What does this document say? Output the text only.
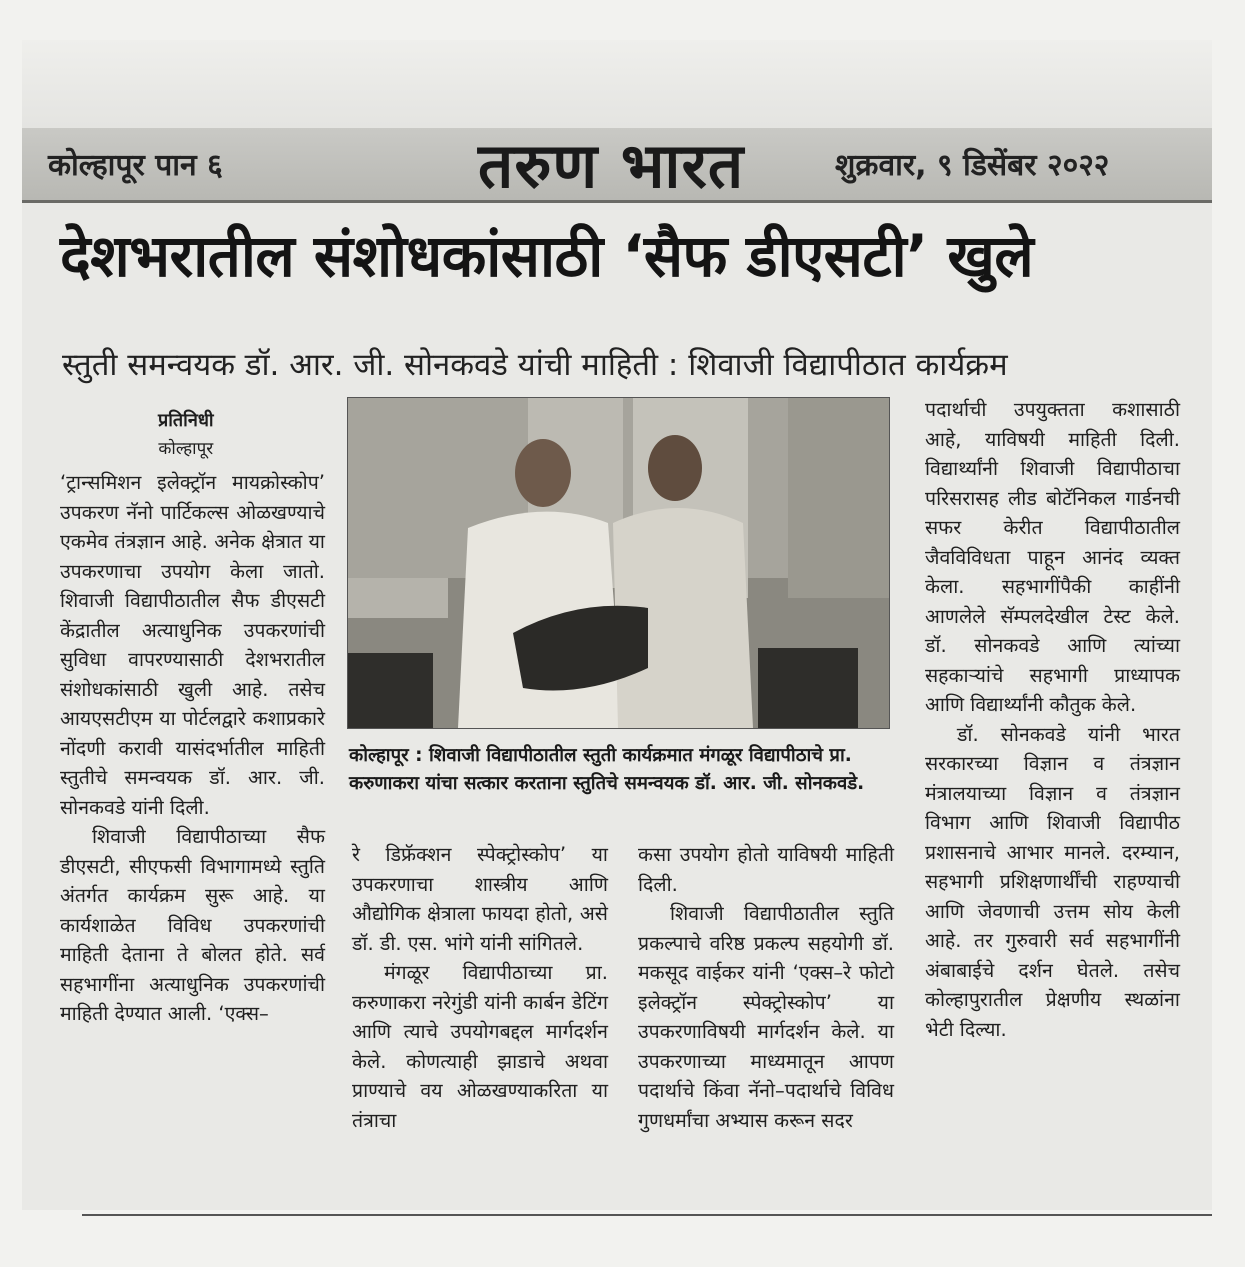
कोल्हापूर पान ६	तरुण भारत	शुक्रवार, ९ डिसेंबर २०२२
देशभरातील संशोधकांसाठी ‘सैफ डीएसटी’ खुले
स्तुती समन्वयक डॉ. आर. जी. सोनकवडे यांची माहिती : शिवाजी विद्यापीठात कार्यक्रम
प्रतिनिधी
कोल्हापूर

‘ट्रान्समिशन इलेक्ट्रॉन मायक्रोस्कोप’ उपकरण नॅनो पार्टिकल्स ओळखण्याचे एकमेव तंत्रज्ञान आहे. अनेक क्षेत्रात या उपकरणाचा उपयोग केला जातो. शिवाजी विद्यापीठातील सैफ डीएसटी केंद्रातील अत्याधुनिक उपकरणांची सुविधा वापरण्यासाठी देशभरातील संशोधकांसाठी खुली आहे. तसेच आयएसटीएम या पोर्टलद्वारे कशाप्रकारे नोंदणी करावी यासंदर्भातील माहिती स्तुतीचे समन्वयक डॉ. आर. जी. सोनकवडे यांनी दिली.

शिवाजी विद्यापीठाच्या सैफ डीएसटी, सीएफसी विभागामध्ये स्तुति अंतर्गत कार्यक्रम सुरू आहे. या कार्यशाळेत विविध उपकरणांची माहिती देताना ते बोलत होते. सर्व सहभागींना अत्याधुनिक उपकरणांची माहिती देण्यात आली. ‘एक्स–

कोल्हापूर : शिवाजी विद्यापीठातील स्तुती कार्यक्रमात मंगळूर विद्यापीठाचे प्रा. करुणाकरा यांचा सत्कार करताना स्तुतिचे समन्वयक डॉ. आर. जी. सोनकवडे.

रे डिफ्रॅक्शन स्पेक्ट्रोस्कोप’ या उपकरणाचा शास्त्रीय आणि औद्योगिक क्षेत्राला फायदा होतो, असे डॉ. डी. एस. भांगे यांनी सांगितले.

मंगळूर विद्यापीठाच्या प्रा. करुणाकरा नरेगुंडी यांनी कार्बन डेटिंग आणि त्याचे उपयोगबद्दल मार्गदर्शन केले. कोणत्याही झाडाचे अथवा प्राण्याचे वय ओळखण्याकरिता या तंत्राचा

कसा उपयोग होतो याविषयी माहिती दिली.

शिवाजी विद्यापीठातील स्तुति प्रकल्पाचे वरिष्ठ प्रकल्प सहयोगी डॉ. मकसूद वाईकर यांनी ‘एक्स–रे फोटो इलेक्ट्रॉन स्पेक्ट्रोस्कोप’ या उपकरणाविषयी मार्गदर्शन केले. या उपकरणाच्या माध्यमातून आपण पदार्थाचे किंवा नॅनो–पदार्थाचे विविध गुणधर्मांचा अभ्यास करून सदर

पदार्थाची उपयुक्तता कशासाठी आहे, याविषयी माहिती दिली. विद्यार्थ्यांनी शिवाजी विद्यापीठाचा परिसरासह लीड बोटॅनिकल गार्डनची सफर केरीत विद्यापीठातील जैवविविधता पाहून आनंद व्यक्त केला. सहभागींपैकी काहींनी आणलेले सॅम्पलदेखील टेस्ट केले. डॉ. सोनकवडे आणि त्यांच्या सहकार्‍यांचे सहभागी प्राध्यापक आणि विद्यार्थ्यांनी कौतुक केले.

डॉ. सोनकवडे यांनी भारत सरकारच्या विज्ञान व तंत्रज्ञान मंत्रालयाच्या विज्ञान व तंत्रज्ञान विभाग आणि शिवाजी विद्यापीठ प्रशासनाचे आभार मानले. दरम्यान, सहभागी प्रशिक्षणार्थींची राहण्याची आणि जेवणाची उत्तम सोय केली आहे. तर गुरुवारी सर्व सहभागींनी अंबाबाईचे दर्शन घेतले. तसेच कोल्हापुरातील प्रेक्षणीय स्थळांना भेटी दिल्या.
